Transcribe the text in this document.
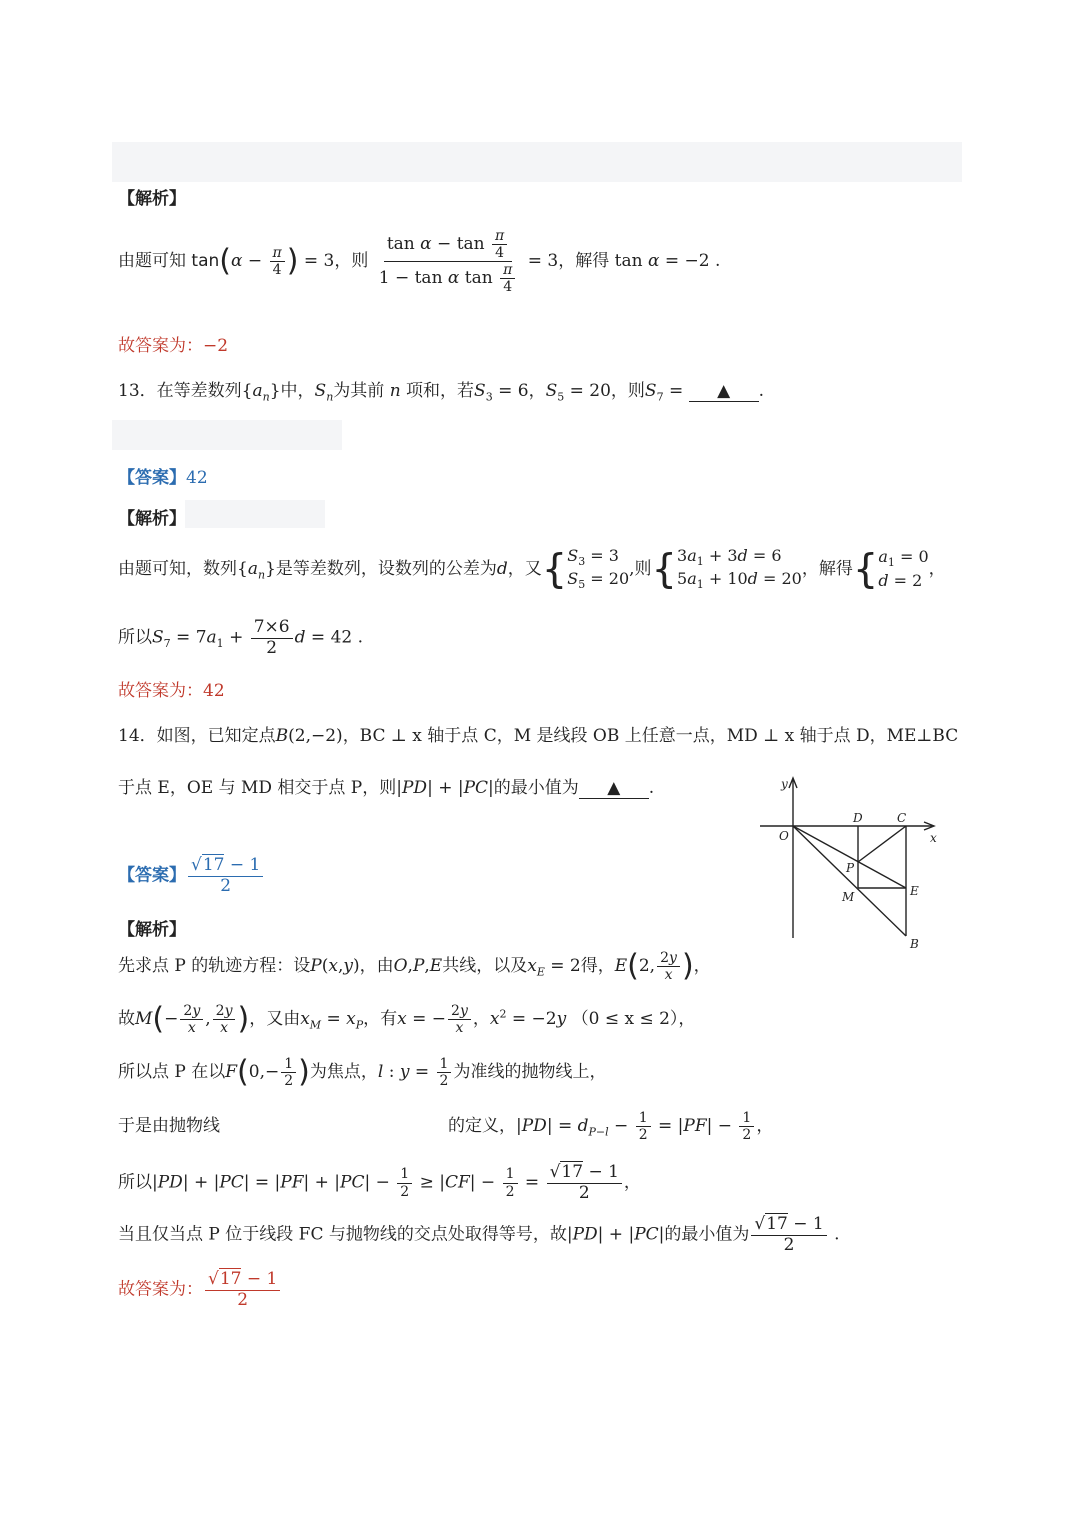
【解析】
由题可知 $\tan(\alpha - \frac{\pi}{4}$ ) = 3，则 $\frac{\tan \alpha - \tan \frac{\pi}{4}}{1 - \tan \alpha \tan \frac{\pi}{4}} = 3$，解得 tan α = −2 .
故答案为：−2
13．在等差数列$\{a_n\}$中，$S_n$为其前 n 项和，若$S_3 = 6$，$S_5 = 20$，则$S_7$ = ▲ .
【答案】42
【解析】
由题可知，数列$\{a_n\}$是等差数列，设数列的公差为d，又{ $S_3 = 3$
$S_5 = 20$ ,则{ $3a_1 + 3d = 6$
$5a_1 + 10d = 20$ ，解得{ $a_1 = 0$
d = 2
，
所以$S_7 = 7a_1 + \frac{7\times 6}{2}$ d = 42 .
故答案为：42
14．如图，已知定点B(2,−2)，BC ⊥ x 轴于点 C，M 是线段 OB 上任意一点，MD ⊥ x 轴于点 D，ME⊥BC
于点 E，OE 与 MD 相交于点 P，则|PD| + |PC|的最小值为 ▲ .
【答案】 $\frac{√17 - 1}{2}$
【解析】
先求点 P 的轨迹方程：设P(x,y)，由O,P,E共线，以及$x_E = 2$得，E(2, $\frac{2y}{x}$ )，
故$M(- \frac{2y}{x}$ , $\frac{2y}{x}$ )，又由$x_M = x_P$，有x = − $\frac{2y}{x}$ ，$x^2 = -2y$ （0 ≤ x ≤ 2），
所以点 P 在以$F(0,- \frac{1}{2}$ )为焦点，l : $y = \frac{1}{2}$ 为准线的抛物线上，
于是由抛物线	的定义，$|PD| = d_{P-l} - \frac{1}{2} = |PF| - \frac{1}{2}$ ，
所以$|PD| + |PC| = |PF| + |PC| - \frac{1}{2} \ge |CF| - \frac{1}{2} = \frac{√17 - 1}{2}$ ，
当且仅当点 P 位于线段 FC 与抛物线的交点处取得等号，故|PD| + |PC|的最小值为 $\frac{√17 - 1}{2}$ .
故答案为： $\frac{√17 - 1}{2}$
y
x
O
D	C
P
M	E
B
